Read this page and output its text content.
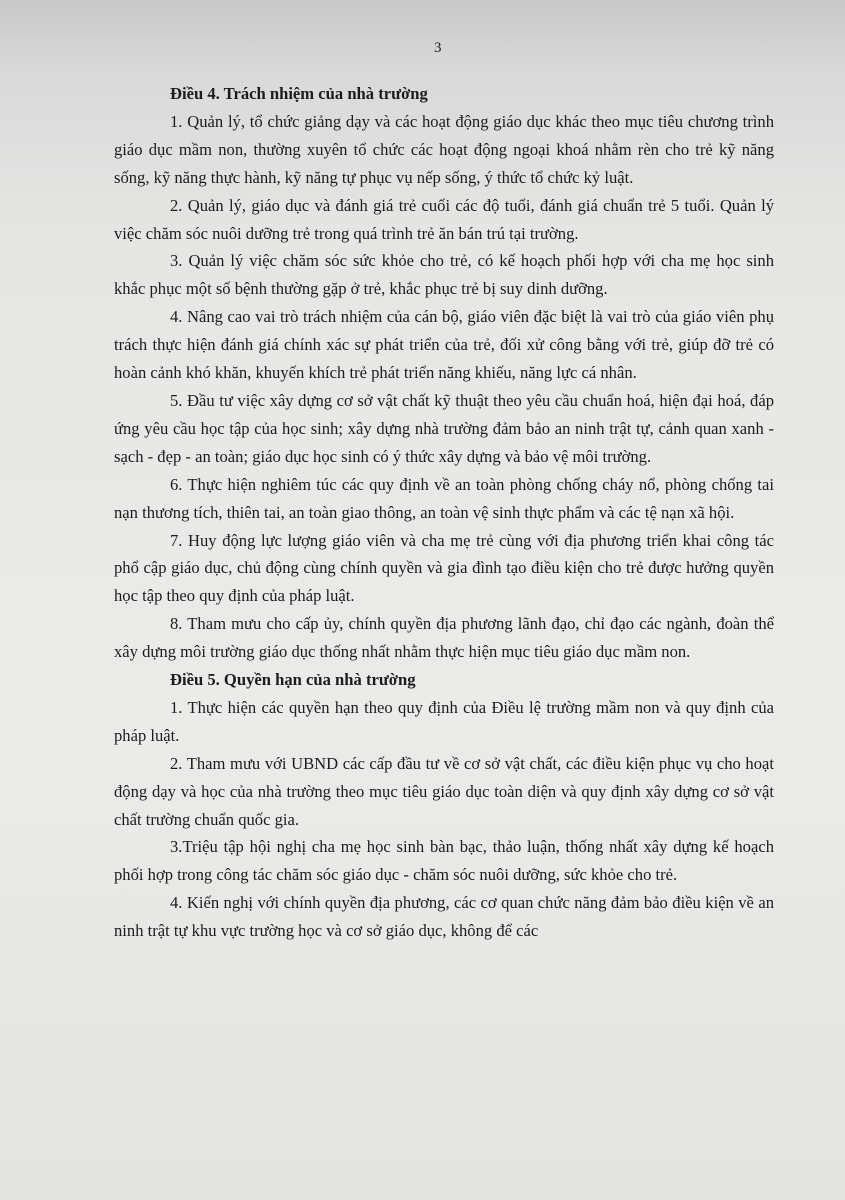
3

Điều 4. Trách nhiệm của nhà trường

1. Quản lý, tổ chức giảng dạy và các hoạt động giáo dục khác theo mục tiêu chương trình giáo dục mầm non, thường xuyên tổ chức các hoạt động ngoại khoá nhằm rèn cho trẻ kỹ năng sống, kỹ năng thực hành, kỹ năng tự phục vụ nếp sống, ý thức tổ chức kỷ luật.

2. Quản lý, giáo dục và đánh giá trẻ cuối các độ tuổi, đánh giá chuẩn trẻ 5 tuổi. Quản lý việc chăm sóc nuôi dưỡng trẻ trong quá trình trẻ ăn bán trú tại trường.

3. Quản lý việc chăm sóc sức khỏe cho trẻ, có kế hoạch phối hợp với cha mẹ học sinh khắc phục một số bệnh thường gặp ở trẻ, khắc phục trẻ bị suy dinh dưỡng.

4. Nâng cao vai trò trách nhiệm của cán bộ, giáo viên đặc biệt là vai trò của giáo viên phụ trách thực hiện đánh giá chính xác sự phát triển của trẻ, đối xử công bằng với trẻ, giúp đỡ trẻ có hoàn cảnh khó khăn, khuyến khích trẻ phát triển năng khiếu, năng lực cá nhân.

5. Đầu tư việc xây dựng cơ sở vật chất kỹ thuật theo yêu cầu chuẩn hoá, hiện đại hoá, đáp ứng yêu cầu học tập của học sinh; xây dựng nhà trường đảm bảo an ninh trật tự, cảnh quan xanh - sạch - đẹp - an toàn; giáo dục học sinh có ý thức xây dựng và bảo vệ môi trường.

6. Thực hiện nghiêm túc các quy định về an toàn phòng chống cháy nổ, phòng chống tai nạn thương tích, thiên tai, an toàn giao thông, an toàn vệ sinh thực phẩm và các tệ nạn xã hội.

7. Huy động lực lượng giáo viên và cha mẹ trẻ cùng với địa phương triển khai công tác phổ cập giáo dục, chủ động cùng chính quyền và gia đình tạo điều kiện cho trẻ được hưởng quyền học tập theo quy định của pháp luật.

8. Tham mưu cho cấp ủy, chính quyền địa phương lãnh đạo, chỉ đạo các ngành, đoàn thể xây dựng môi trường giáo dục thống nhất nhằm thực hiện mục tiêu giáo dục mầm non.

Điều 5. Quyền hạn của nhà trường

1. Thực hiện các quyền hạn theo quy định của Điều lệ trường mầm non và quy định của pháp luật.

2. Tham mưu với UBND các cấp đầu tư về cơ sở vật chất, các điều kiện phục vụ cho hoạt động dạy và học của nhà trường theo mục tiêu giáo dục toàn diện và quy định xây dựng cơ sở vật chất trường chuẩn quốc gia.

3.Triệu tập hội nghị cha mẹ học sinh bàn bạc, thảo luận, thống nhất xây dựng kế hoạch phối hợp trong công tác chăm sóc giáo dục - chăm sóc nuôi dưỡng, sức khỏe cho trẻ.

4. Kiến nghị với chính quyền địa phương, các cơ quan chức năng đảm bảo điều kiện về an ninh trật tự khu vực trường học và cơ sở giáo dục, không để các
